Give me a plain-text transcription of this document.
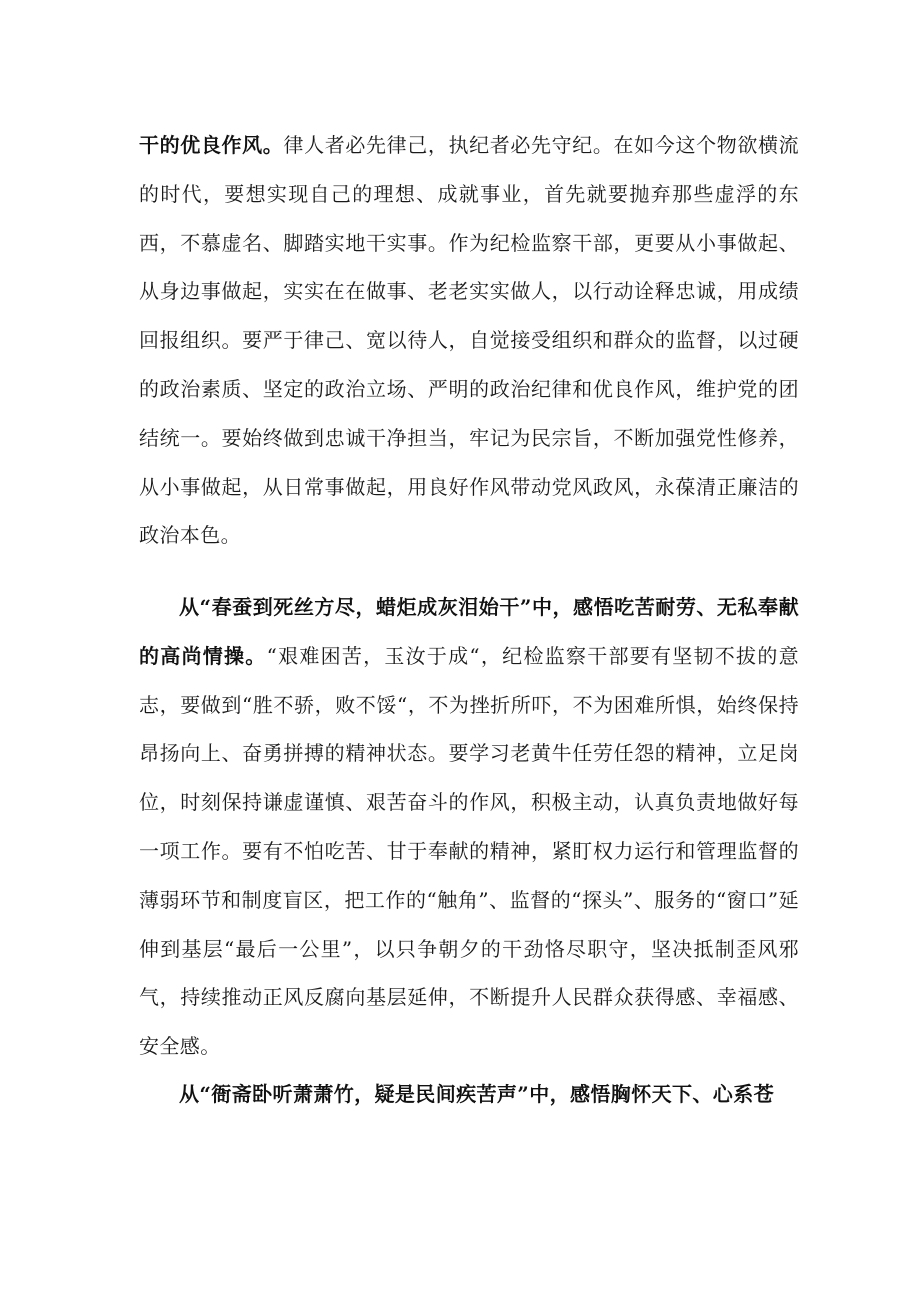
干的优良作风。律人者必先律己，执纪者必先守纪。在如今这个物欲横流的时代，要想实现自己的理想、成就事业，首先就要抛弃那些虚浮的东西，不慕虚名、脚踏实地干实事。作为纪检监察干部，更要从小事做起、从身边事做起，实实在在做事、老老实实做人，以行动诠释忠诚，用成绩回报组织。要严于律己、宽以待人，自觉接受组织和群众的监督，以过硬的政治素质、坚定的政治立场、严明的政治纪律和优良作风，维护党的团结统一。要始终做到忠诚干净担当，牢记为民宗旨，不断加强党性修养，从小事做起，从日常事做起，用良好作风带动党风政风，永葆清正廉洁的政治本色。

从“春蚕到死丝方尽，蜡炬成灰泪始干”中，感悟吃苦耐劳、无私奉献的高尚情操。“艰难困苦，玉汝于成“，纪检监察干部要有坚韧不拔的意志，要做到“胜不骄，败不馁“，不为挫折所吓，不为困难所惧，始终保持昂扬向上、奋勇拼搏的精神状态。要学习老黄牛任劳任怨的精神，立足岗位，时刻保持谦虚谨慎、艰苦奋斗的作风，积极主动，认真负责地做好每一项工作。要有不怕吃苦、甘于奉献的精神，紧盯权力运行和管理监督的薄弱环节和制度盲区，把工作的“触角”、监督的“探头”、服务的“窗口”延伸到基层“最后一公里”，以只争朝夕的干劲恪尽职守，坚决抵制歪风邪气，持续推动正风反腐向基层延伸，不断提升人民群众获得感、幸福感、安全感。

从“衙斋卧听萧萧竹，疑是民间疾苦声”中，感悟胸怀天下、心系苍
